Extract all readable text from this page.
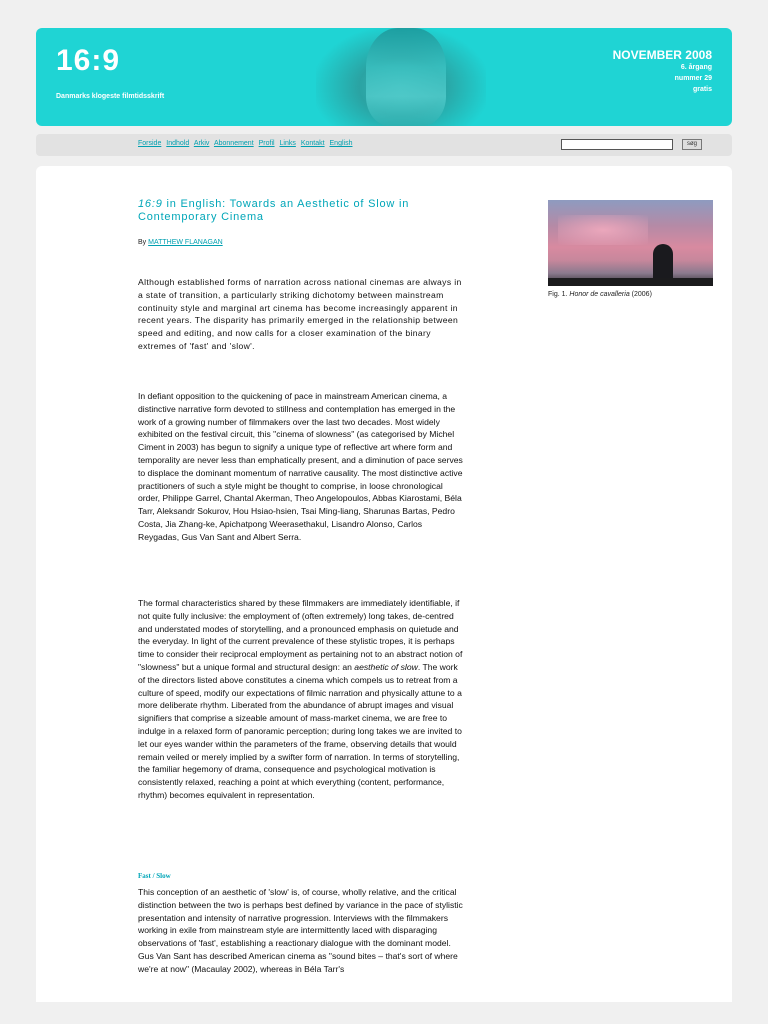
16:9
Danmarks klogeste filmtidsskrift
NOVEMBER 2008
6. årgang
nummer 29
gratis
Forside Indhold Arkiv Abonnement Profil Links Kontakt English	søg
16:9 in English: Towards an Aesthetic of Slow in Contemporary Cinema
By MATTHEW FLANAGAN

Although established forms of narration across national cinemas are always in a state of transition, a particularly striking dichotomy between mainstream continuity style and marginal art cinema has become increasingly apparent in recent years. The disparity has primarily emerged in the relationship between speed and editing, and now calls for a closer examination of the binary extremes of 'fast' and 'slow'.

In defiant opposition to the quickening of pace in mainstream American cinema, a distinctive narrative form devoted to stillness and contemplation has emerged in the work of a growing number of filmmakers over the last two decades. Most widely exhibited on the festival circuit, this "cinema of slowness" (as categorised by Michel Ciment in 2003) has begun to signify a unique type of reflective art where form and temporality are never less than emphatically present, and a diminution of pace serves to displace the dominant momentum of narrative causality. The most distinctive active practitioners of such a style might be thought to comprise, in loose chronological order, Philippe Garrel, Chantal Akerman, Theo Angelopoulos, Abbas Kiarostami, Béla Tarr, Aleksandr Sokurov, Hou Hsiao-hsien, Tsai Ming-liang, Sharunas Bartas, Pedro Costa, Jia Zhang-ke, Apichatpong Weerasethakul, Lisandro Alonso, Carlos Reygadas, Gus Van Sant and Albert Serra.

The formal characteristics shared by these filmmakers are immediately identifiable, if not quite fully inclusive: the employment of (often extremely) long takes, de-centred and understated modes of storytelling, and a pronounced emphasis on quietude and the everyday. In light of the current prevalence of these stylistic tropes, it is perhaps time to consider their reciprocal employment as pertaining not to an abstract notion of "slowness" but a unique formal and structural design: an aesthetic of slow. The work of the directors listed above constitutes a cinema which compels us to retreat from a culture of speed, modify our expectations of filmic narration and physically attune to a more deliberate rhythm. Liberated from the abundance of abrupt images and visual signifiers that comprise a sizeable amount of mass-market cinema, we are free to indulge in a relaxed form of panoramic perception; during long takes we are invited to let our eyes wander within the parameters of the frame, observing details that would remain veiled or merely implied by a swifter form of narration. In terms of storytelling, the familiar hegemony of drama, consequence and psychological motivation is consistently relaxed, reaching a point at which everything (content, performance, rhythm) becomes equivalent in representation.

Fast / Slow

This conception of an aesthetic of 'slow' is, of course, wholly relative, and the critical distinction between the two is perhaps best defined by variance in the pace of stylistic presentation and intensity of narrative progression. Interviews with the filmmakers working in exile from mainstream style are intermittently laced with disparaging observations of 'fast', establishing a reactionary dialogue with the dominant model. Gus Van Sant has described American cinema as "sound bites – that's sort of where we're at now" (Macaulay 2002), whereas in Béla Tarr's

Fig. 1. Honor de cavalleria (2006)
